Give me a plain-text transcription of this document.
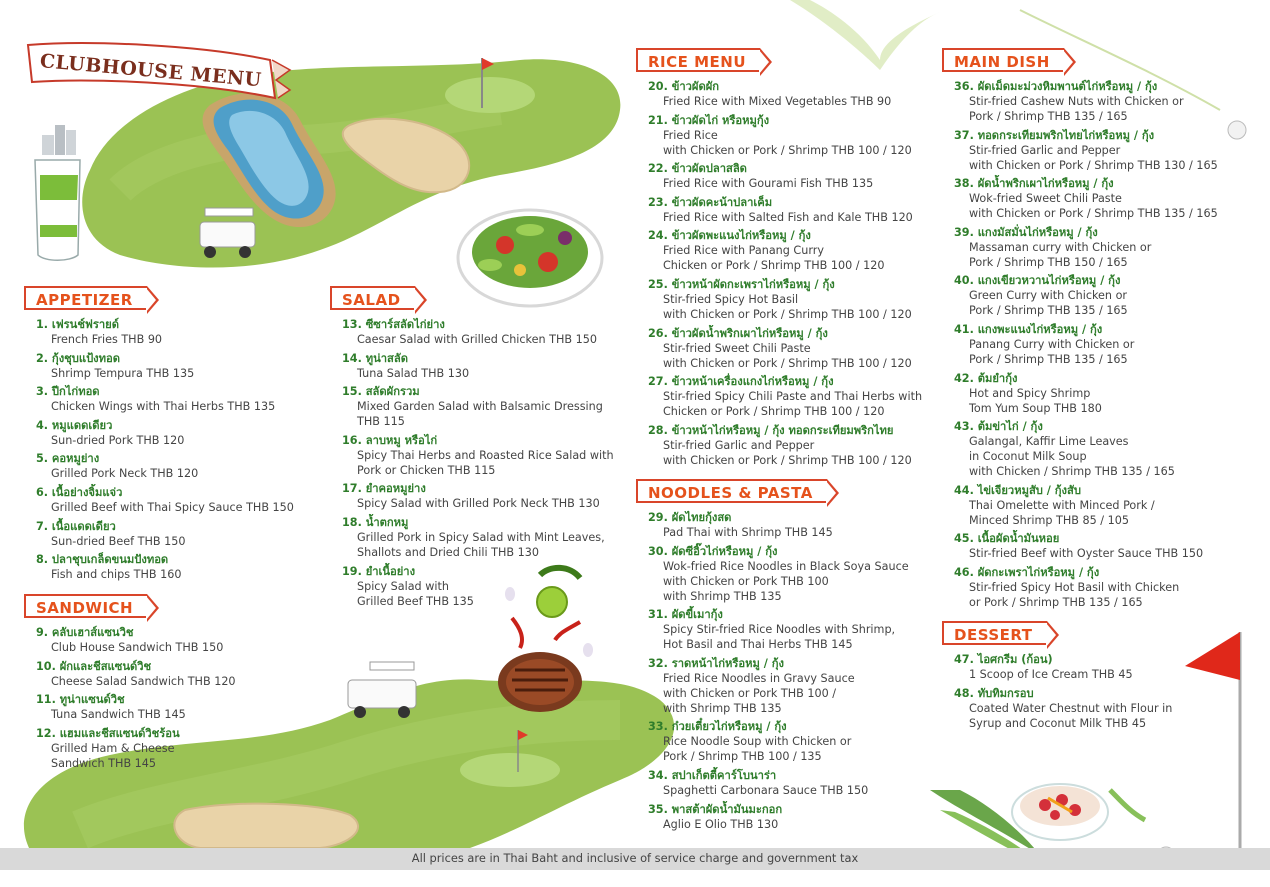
CLUBHOUSE MENU
APPETIZER
1. เฟรนช์ฟรายด์
French Fries THB 90
2. กุ้งชุบแป้งทอด
Shrimp Tempura THB 135
3. ปีกไก่ทอด
Chicken Wings with Thai Herbs THB 135
4. หมูแดดเดียว
Sun-dried Pork THB 120
5. คอหมูย่าง
Grilled Pork Neck THB 120
6. เนื้อย่างจิ้มแจ่ว
Grilled Beef with Thai Spicy Sauce THB 150
7. เนื้อแดดเดียว
Sun-dried Beef THB 150
8. ปลาชุบเกล็ดขนมปังทอด
Fish and chips THB 160
SANDWICH
9. คลับเฮาส์แซนวิช
Club House Sandwich THB 150
10. ผักและชีสแซนด์วิช
Cheese Salad Sandwich THB 120
11. ทูน่าแซนด์วิช
Tuna Sandwich THB 145
12. แฮมและชีสแซนด์วิชร้อน
Grilled Ham & Cheese
Sandwich THB 145
SALAD
13. ซีซาร์สลัดไก่ย่าง
Caesar Salad with Grilled Chicken THB 150
14. ทูน่าสลัด
Tuna Salad THB 130
15. สลัดผักรวม
Mixed Garden Salad with Balsamic Dressing
THB 115
16. ลาบหมู หรือไก่
Spicy Thai Herbs and Roasted Rice Salad with
Pork or Chicken THB 115
17. ยำคอหมูย่าง
Spicy Salad with Grilled Pork Neck THB 130
18. น้ำตกหมู
Grilled Pork in Spicy Salad with Mint Leaves,
Shallots and Dried Chili THB 130
19. ยำเนื้อย่าง
Spicy Salad with
Grilled Beef THB 135
RICE MENU
20. ข้าวผัดผัก
Fried Rice with Mixed Vegetables THB 90
21. ข้าวผัดไก่ หรือหมูกุ้ง
Fried Rice
with Chicken or Pork / Shrimp THB 100 / 120
22. ข้าวผัดปลาสลิด
Fried Rice with Gourami Fish THB 135
23. ข้าวผัดคะน้าปลาเค็ม
Fried Rice with Salted Fish and Kale THB 120
24. ข้าวผัดพะแนงไก่หรือหมู / กุ้ง
Fried Rice with Panang Curry
Chicken or Pork / Shrimp THB 100 / 120
25. ข้าวหน้าผัดกะเพราไก่หรือหมู / กุ้ง
Stir-fried Spicy Hot Basil
with Chicken or Pork / Shrimp THB 100 / 120
26. ข้าวผัดน้ำพริกเผาไก่หรือหมู / กุ้ง
Stir-fried Sweet Chili Paste
with Chicken or Pork / Shrimp THB 100 / 120
27. ข้าวหน้าเครื่องแกงไก่หรือหมู / กุ้ง
Stir-fried Spicy Chili Paste and Thai Herbs with
Chicken or Pork / Shrimp THB 100 / 120
28. ข้าวหน้าไก่หรือหมู / กุ้ง ทอดกระเทียมพริกไทย
Stir-fried Garlic and Pepper
with Chicken or Pork / Shrimp THB 100 / 120
NOODLES & PASTA
29. ผัดไทยกุ้งสด
Pad Thai with Shrimp THB 145
30. ผัดซีอิ๊วไก่หรือหมู / กุ้ง
Wok-fried Rice Noodles in Black Soya Sauce
with Chicken or Pork THB 100
with Shrimp THB 135
31. ผัดขี้เมากุ้ง
Spicy Stir-fried Rice Noodles with Shrimp,
Hot Basil and Thai Herbs THB 145
32. ราดหน้าไก่หรือหมู / กุ้ง
Fried Rice Noodles in Gravy Sauce
with Chicken or Pork THB 100 /
with Shrimp THB 135
33. ก๋วยเตี๋ยวไก่หรือหมู / กุ้ง
Rice Noodle Soup with Chicken or
Pork / Shrimp THB 100 / 135
34. สปาเก็ตตี้คาร์โบนาร่า
Spaghetti Carbonara Sauce THB 150
35. พาสต้าผัดน้ำมันมะกอก
Aglio E Olio THB 130
MAIN DISH
36. ผัดเม็ดมะม่วงหิมพานต์ไก่หรือหมู / กุ้ง
Stir-fried Cashew Nuts with Chicken or
Pork / Shrimp THB 135 / 165
37. ทอดกระเทียมพริกไทยไก่หรือหมู / กุ้ง
Stir-fried Garlic and Pepper
with Chicken or Pork / Shrimp THB 130 / 165
38. ผัดน้ำพริกเผาไก่หรือหมู / กุ้ง
Wok-fried Sweet Chili Paste
with Chicken or Pork / Shrimp THB 135 / 165
39. แกงมัสมั่นไก่หรือหมู / กุ้ง
Massaman curry with Chicken or
Pork / Shrimp THB 150 / 165
40. แกงเขียวหวานไก่หรือหมู / กุ้ง
Green Curry with Chicken or
Pork / Shrimp THB 135 / 165
41. แกงพะแนงไก่หรือหมู / กุ้ง
Panang Curry with Chicken or
Pork / Shrimp THB 135 / 165
42. ต้มยำกุ้ง
Hot and Spicy Shrimp
Tom Yum Soup THB 180
43. ต้มข่าไก่ / กุ้ง
Galangal, Kaffir Lime Leaves
in Coconut Milk Soup
with Chicken / Shrimp THB 135 / 165
44. ไข่เจียวหมูสับ / กุ้งสับ
Thai Omelette with Minced Pork /
Minced Shrimp THB 85 / 105
45. เนื้อผัดน้ำมันหอย
Stir-fried Beef with Oyster Sauce THB 150
46. ผัดกะเพราไก่หรือหมู / กุ้ง
Stir-fried Spicy Hot Basil with Chicken
or Pork / Shrimp THB 135 / 165
DESSERT
47. ไอศกรีม (ก้อน)
1 Scoop of Ice Cream THB 45
48. ทับทิมกรอบ
Coated Water Chestnut with Flour in
Syrup and Coconut Milk THB 45
All prices are in Thai Baht and inclusive of service charge and government tax
